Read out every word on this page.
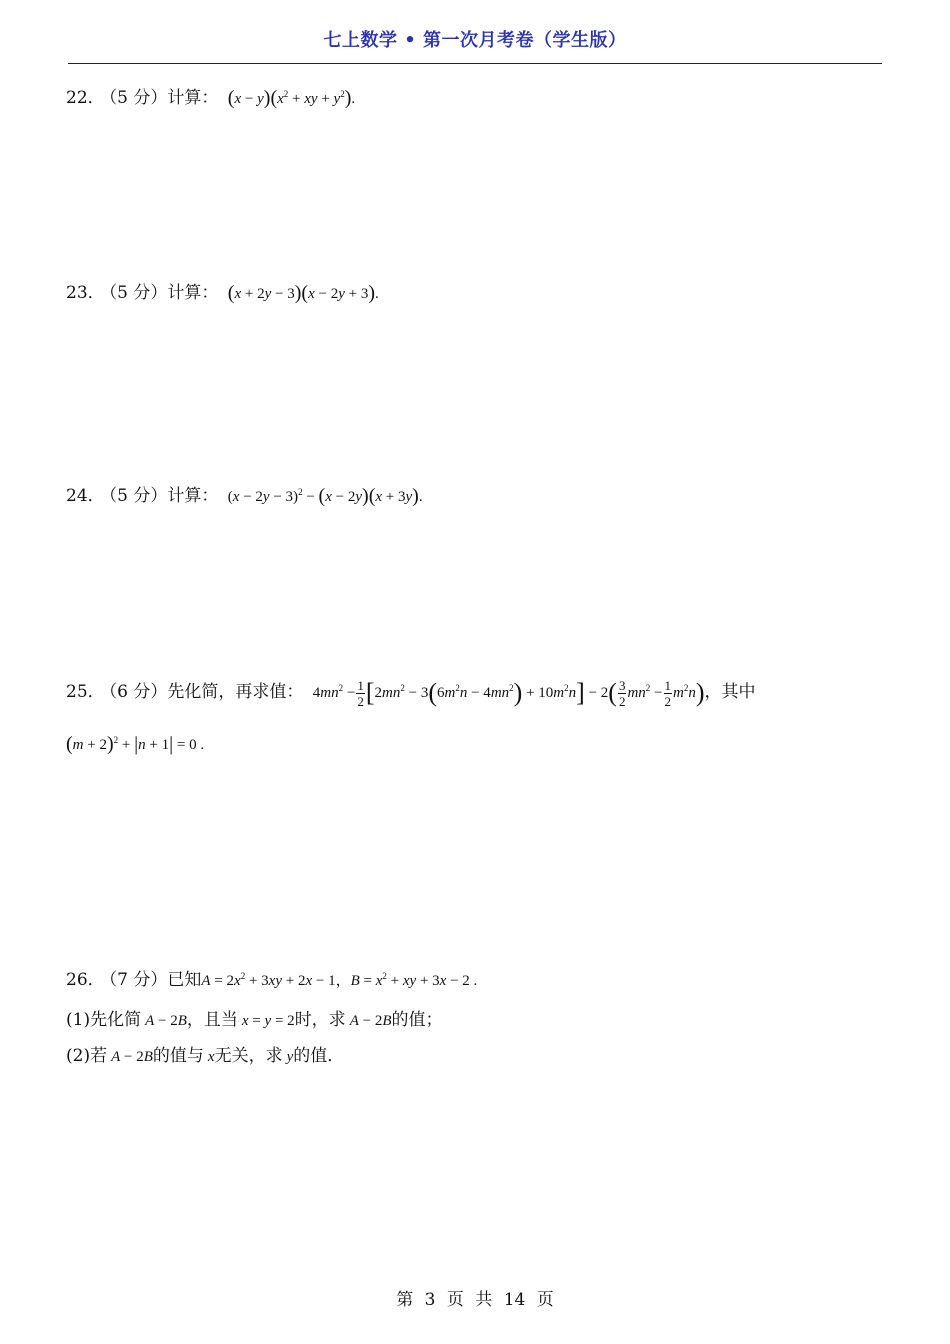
七上数学 • 第一次月考卷（学生版）
22． （5 分）计算： $(x - y)(x^2$ + xy + $y^2$).
23． （5 分）计算： (x + 2y − 3)(x − 2y + 3).
24． （5 分）计算： $(x - 2y - 3)^2 - (x - 2y)(x + 3y)$.
25． （6 分）先化简，再求值： $4mn^2 - \frac{1}{2} [2mn^2 - 3(6m^2n - 4mn^2) + 10m^2n] - 2( \frac{3}{2} mn^2 - \frac{1}{2} m^2n)$，其中
$(m + 2)^2 + |n + 1| = 0$ .
26． （7 分）已知$A = 2x^2 + 3xy + 2x - 1$，$B = x^2$ + xy + 3x − 2 .
(1)先化简 A − 2B，且当 x = y = 2时，求 A − 2B的值；
(2)若 A − 2B的值与 x无关，求 y的值．
第 3 页 共 14 页
